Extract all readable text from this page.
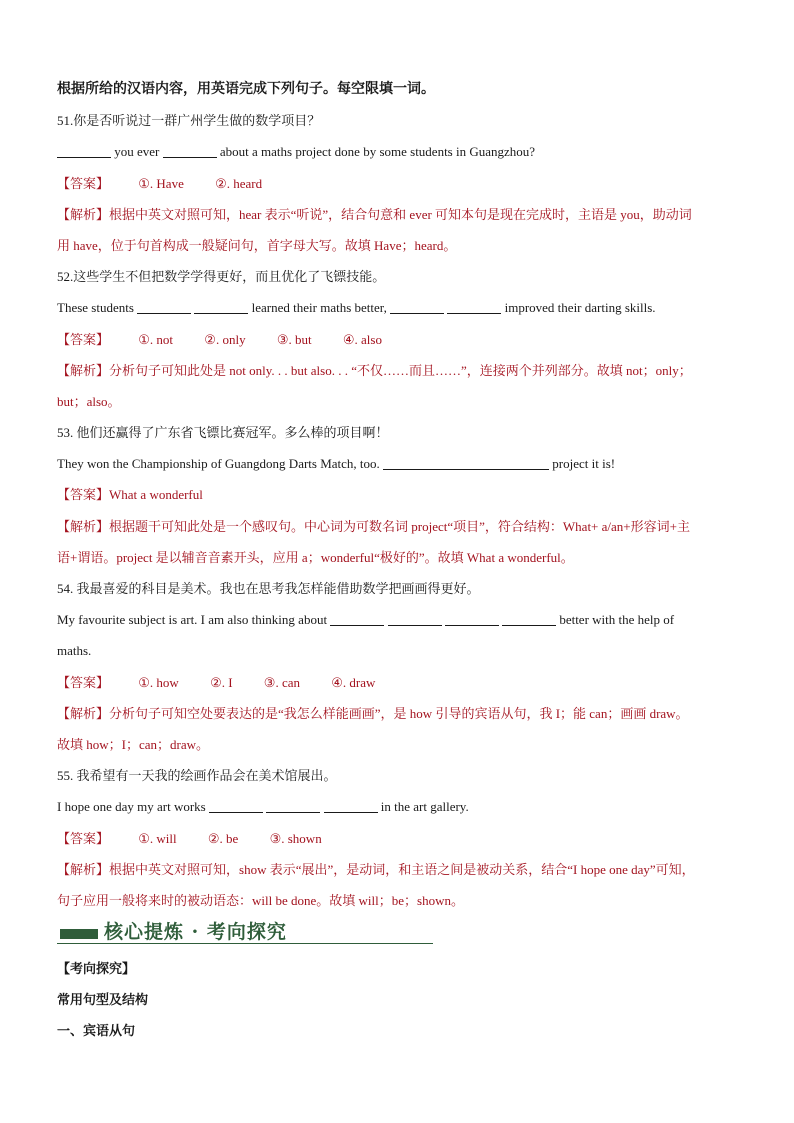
根据所给的汉语内容，用英语完成下列句子。每空限填一词。
51.你是否听说过一群广州学生做的数学项目？
you ever	about a maths project done by some students in Guangzhou?
【答案】 ①. Have ②. heard
【解析】根据中英文对照可知，hear 表示“听说”，结合句意和 ever 可知本句是现在完成时，主语是 you，助动词
用 have，位于句首构成一般疑问句，首字母大写。故填 Have；heard。
52.这些学生不但把数学学得更好，而且优化了飞镖技能。
These students	learned their maths better,	improved their darting skills.
【答案】 ①. not ②. only ③. but ④. also
【解析】分析句子可知此处是 not only. . . but also. . . “不仅……而且……”，连接两个并列部分。故填 not；only；
but；also。
53. 他们还赢得了广东省飞镖比赛冠军。多么棒的项目啊！
They won the Championship of Guangdong Darts Match, too.	project it is!
【答案】What a wonderful
【解析】根据题干可知此处是一个感叹句。中心词为可数名词 project“项目”，符合结构：What+ a/an+形容词+主
语+谓语。project 是以辅音音素开头，应用 a；wonderful“极好的”。故填 What a wonderful。
54. 我最喜爱的科目是美术。我也在思考我怎样能借助数学把画画得更好。
My favourite subject is art. I am also thinking about	better with the help of
maths.
【答案】 ①. how ②. I ③. can ④. draw
【解析】分析句子可知空处要表达的是“我怎么样能画画”，是 how 引导的宾语从句，我 I；能 can；画画 draw。
故填 how；I；can；draw。
55. 我希望有一天我的绘画作品会在美术馆展出。
I hope one day my art works	in the art gallery.
【答案】 ①. will ②. be ③. shown
【解析】根据中英文对照可知，show 表示“展出”，是动词，和主语之间是被动关系，结合“I hope one day”可知，
句子应用一般将来时的被动语态：will be done。故填 will；be；shown。
核心提炼 · 考向探究
【考向探究】
常用句型及结构
一、宾语从句
